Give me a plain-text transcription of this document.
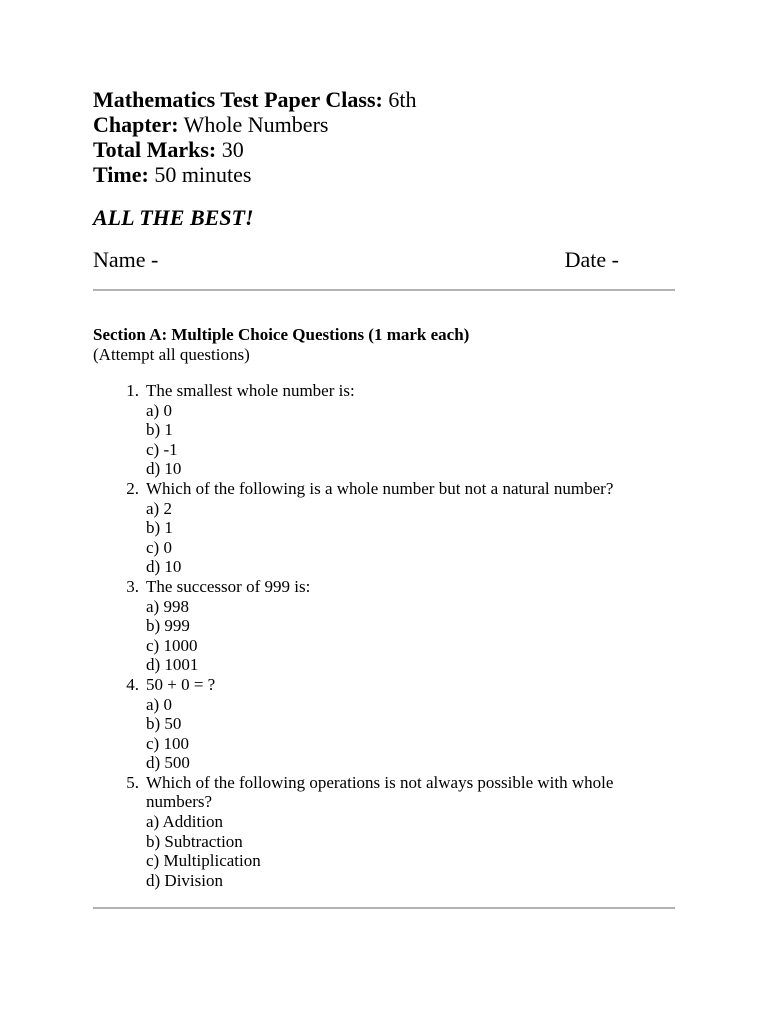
Mathematics Test Paper Class: 6th

Chapter: Whole Numbers

Total Marks: 30

Time: 50 minutes

ALL THE BEST!

Name -	Date -
Section A: Multiple Choice Questions (1 mark each)
(Attempt all questions)
1. The smallest whole number is:
a) 0
b) 1
c) -1
d) 10
2. Which of the following is a whole number but not a natural number?
a) 2
b) 1
c) 0
d) 10
3. The successor of 999 is:
a) 998
b) 999
c) 1000
d) 1001
4. 50 + 0 = ?
a) 0
b) 50
c) 100
d) 500
5. Which of the following operations is not always possible with whole numbers?
a) Addition
b) Subtraction
c) Multiplication
d) Division
